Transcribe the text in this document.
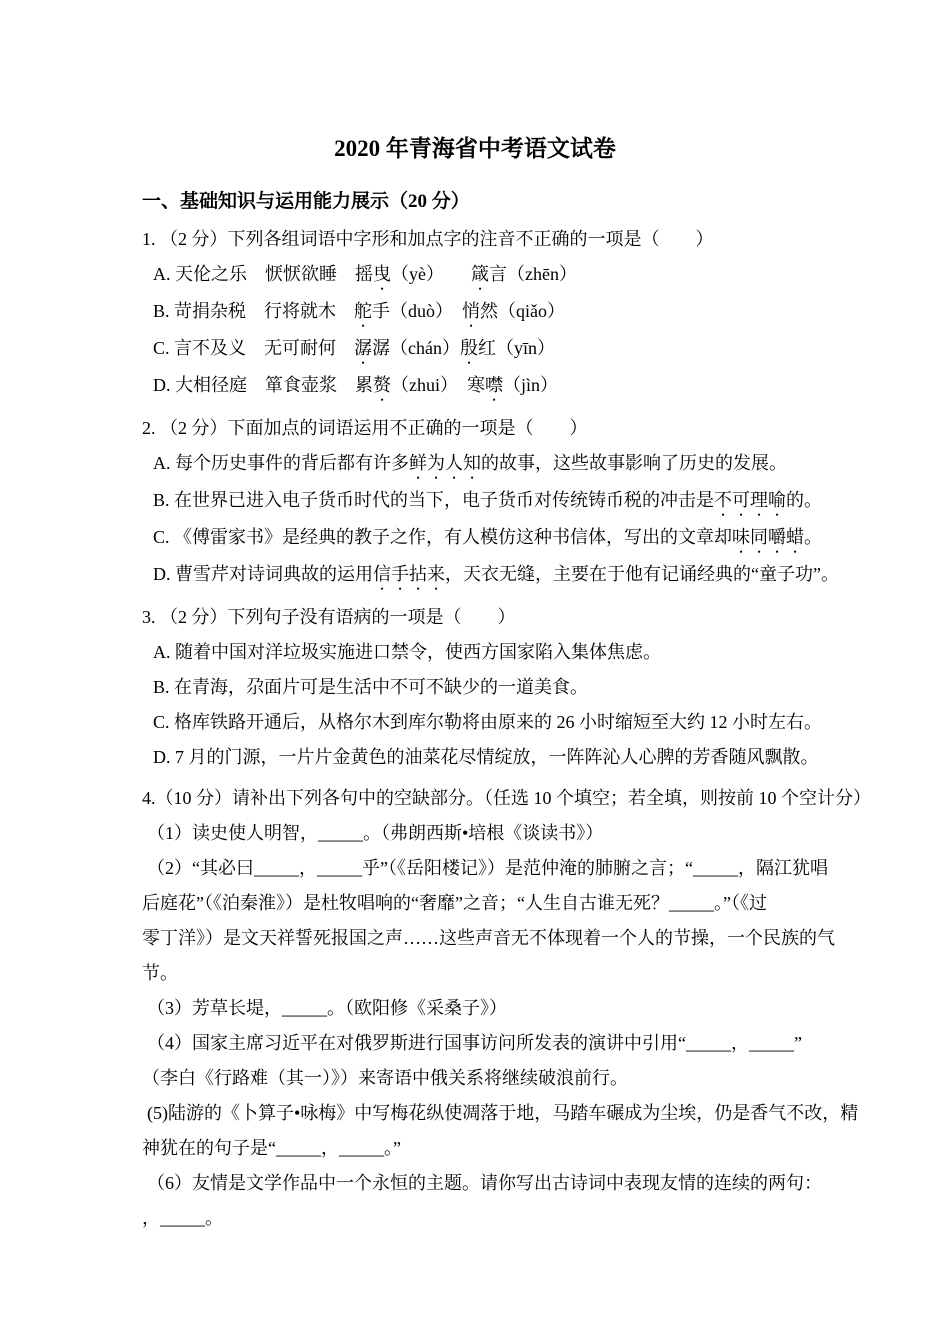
2020 年青海省中考语文试卷
一、基础知识与运用能力展示（20 分）

1. （2 分）下列各组词语中字形和加点字的注音不正确的一项是（　　）

A. 天伦之乐　恹恹欲睡　摇曳（yè）　　箴言（zhēn）

B. 苛捐杂税　行将就木　舵手（duò）　悄然（qiǎo）

C. 言不及义　无可耐何　潺潺（chán）殷红（yīn）

D. 大相径庭　箪食壶浆　累赘（zhui）　寒噤（jìn）

2. （2 分）下面加点的词语运用不正确的一项是（　　）

A. 每个历史事件的背后都有许多鲜为人知的故事，这些故事影响了历史的发展。

B. 在世界已进入电子货币时代的当下，电子货币对传统铸币税的冲击是不可理喻的。

C. 《傅雷家书》是经典的教子之作，有人模仿这种书信体，写出的文章却味同嚼蜡。

D. 曹雪芹对诗词典故的运用信手拈来，天衣无缝，主要在于他有记诵经典的“童子功”。

3. （2 分）下列句子没有语病的一项是（　　）

A. 随着中国对洋垃圾实施进口禁令，使西方国家陷入集体焦虑。

B. 在青海，尕面片可是生活中不可不缺少的一道美食。

C. 格库铁路开通后，从格尔木到库尔勒将由原来的 26 小时缩短至大约 12 小时左右。

D. 7 月的门源，一片片金黄色的油菜花尽情绽放，一阵阵沁人心脾的芳香随风飘散。

4.（10 分）请补出下列各句中的空缺部分。（任选 10 个填空；若全填，则按前 10 个空计分）

（1）读史使人明智，_____。（弗朗西斯•培根《谈读书》）

（2）“其必曰_____，_____乎”（《岳阳楼记》）是范仲淹的肺腑之言；“_____，隔江犹唱

后庭花”（《泊秦淮》）是杜牧唱响的“奢靡”之音；“人生自古谁无死？_____。”（《过

零丁洋》）是文天祥誓死报国之声……这些声音无不体现着一个人的节操，一个民族的气

节。

（3）芳草长堤，_____。（欧阳修《采桑子》）

（4）国家主席习近平在对俄罗斯进行国事访问所发表的演讲中引用“_____，_____”

（李白《行路难（其一）》）来寄语中俄关系将继续破浪前行。

(5)陆游的《卜算子•咏梅》中写梅花纵使凋落于地，马踏车碾成为尘埃，仍是香气不改，精

神犹在的句子是“_____，_____。”

（6）友情是文学作品中一个永恒的主题。请你写出古诗词中表现友情的连续的两句：

，_____。
